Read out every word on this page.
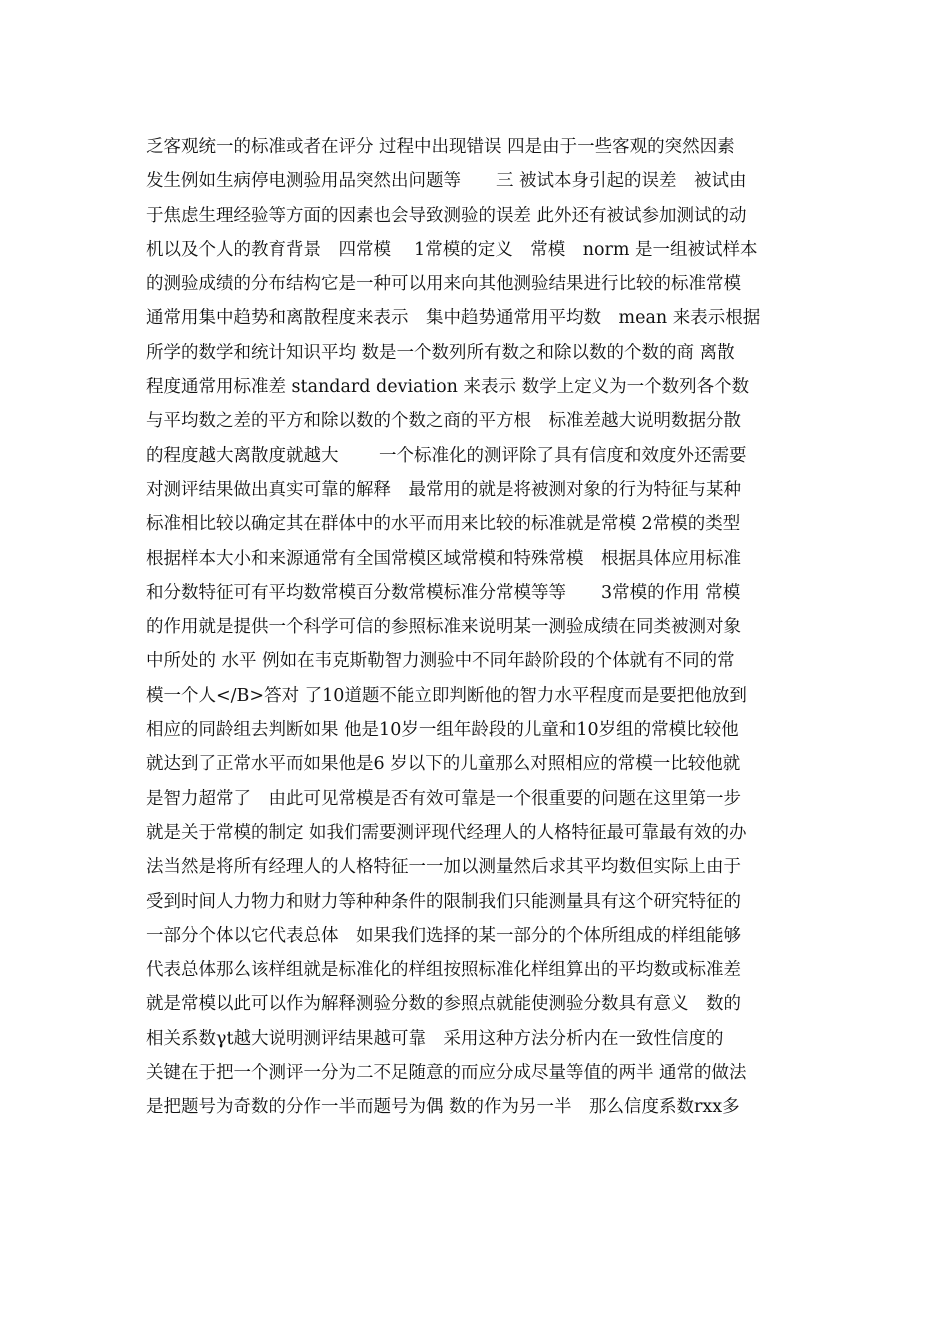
乏客观统一的标准或者在评分 过程中出现错误 四是由于一些客观的突然因素
发生例如生病停电测验用品突然出问题等　　三 被试本身引起的误差　被试由
于焦虑生理经验等方面的因素也会导致测验的误差 此外还有被试参加测试的动
机以及个人的教育背景　四常模　 1常模的定义　常模　norm 是一组被试样本
的测验成绩的分布结构它是一种可以用来向其他测验结果进行比较的标准常模
通常用集中趋势和离散程度来表示　集中趋势通常用平均数　mean 来表示根据
所学的数学和统计知识平均 数是一个数列所有数之和除以数的个数的商 离散
程度通常用标准差 standard deviation 来表示 数学上定义为一个数列各个数
与平均数之差的平方和除以数的个数之商的平方根　标准差越大说明数据分散
的程度越大离散度就越大　　 一个标准化的测评除了具有信度和效度外还需要
对测评结果做出真实可靠的解释　最常用的就是将被测对象的行为特征与某种
标准相比较以确定其在群体中的水平而用来比较的标准就是常模 2常模的类型
根据样本大小和来源通常有全国常模区域常模和特殊常模　根据具体应用标准
和分数特征可有平均数常模百分数常模标准分常模等等　　3常模的作用 常模
的作用就是提供一个科学可信的参照标准来说明某一测验成绩在同类被测对象
中所处的 水平 例如在韦克斯勒智力测验中不同年龄阶段的个体就有不同的常
模一个人</B>答对 了10道题不能立即判断他的智力水平程度而是要把他放到
相应的同龄组去判断如果 他是10岁一组年龄段的儿童和10岁组的常模比较他
就达到了正常水平而如果他是6 岁以下的儿童那么对照相应的常模一比较他就
是智力超常了　由此可见常模是否有效可靠是一个很重要的问题在这里第一步
就是关于常模的制定 如我们需要测评现代经理人的人格特征最可靠最有效的办
法当然是将所有经理人的人格特征一一加以测量然后求其平均数但实际上由于
受到时间人力物力和财力等种种条件的限制我们只能测量具有这个研究特征的
一部分个体以它代表总体　如果我们选择的某一部分的个体所组成的样组能够
代表总体那么该样组就是标准化的样组按照标准化样组算出的平均数或标准差
就是常模以此可以作为解释测验分数的参照点就能使测验分数具有意义　数的
相关系数γt越大说明测评结果越可靠　采用这种方法分析内在一致性信度的
关键在于把一个测评一分为二不足随意的而应分成尽量等值的两半 通常的做法
是把题号为奇数的分作一半而题号为偶 数的作为另一半　那么信度系数rxx多
